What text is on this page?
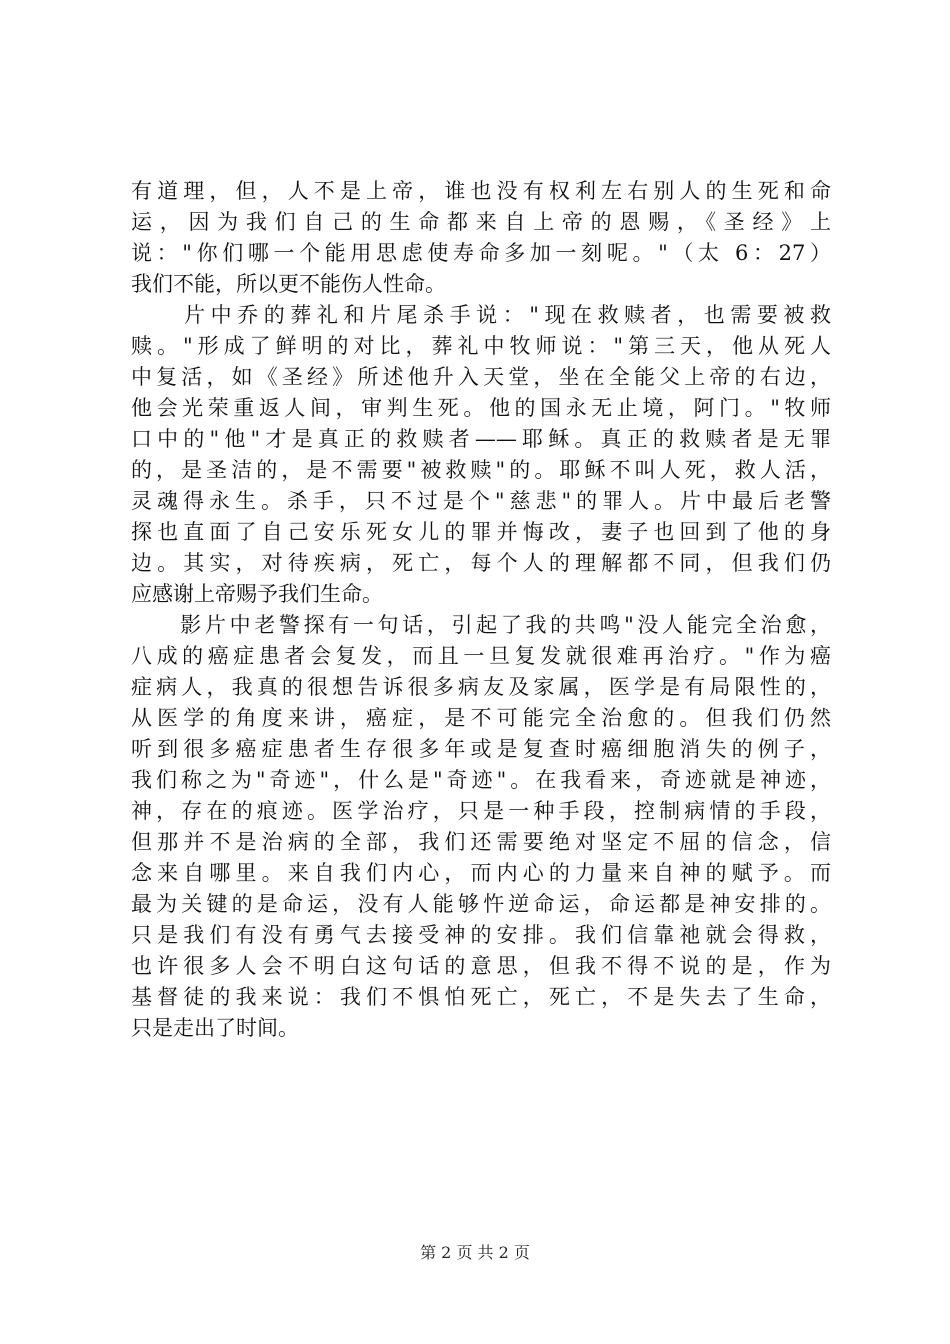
有道理，但，人不是上帝，谁也没有权利左右别人的生死和命
运，因为我们自己的生命都来自上帝的恩赐，《圣经》上
说："你们哪一个能用思虑使寿命多加一刻呢。"（太 6：27）
我们不能，所以更不能伤人性命。
　　片中乔的葬礼和片尾杀手说："现在救赎者，也需要被救
赎。"形成了鲜明的对比，葬礼中牧师说："第三天，他从死人
中复活，如《圣经》所述他升入天堂，坐在全能父上帝的右边，
他会光荣重返人间，审判生死。他的国永无止境，阿门。"牧师
口中的"他"才是真正的救赎者——耶稣。真正的救赎者是无罪
的，是圣洁的，是不需要"被救赎"的。耶稣不叫人死，救人活，
灵魂得永生。杀手，只不过是个"慈悲"的罪人。片中最后老警
探也直面了自己安乐死女儿的罪并悔改，妻子也回到了他的身
边。其实，对待疾病，死亡，每个人的理解都不同，但我们仍
应感谢上帝赐予我们生命。
　　影片中老警探有一句话，引起了我的共鸣"没人能完全治愈，
八成的癌症患者会复发，而且一旦复发就很难再治疗。"作为癌
症病人，我真的很想告诉很多病友及家属，医学是有局限性的，
从医学的角度来讲，癌症，是不可能完全治愈的。但我们仍然
听到很多癌症患者生存很多年或是复查时癌细胞消失的例子，
我们称之为"奇迹"，什么是"奇迹"。在我看来，奇迹就是神迹，
神，存在的痕迹。医学治疗，只是一种手段，控制病情的手段，
但那并不是治病的全部，我们还需要绝对坚定不屈的信念，信
念来自哪里。来自我们内心，而内心的力量来自神的赋予。而
最为关键的是命运，没有人能够忤逆命运，命运都是神安排的。
只是我们有没有勇气去接受神的安排。我们信靠祂就会得救，
也许很多人会不明白这句话的意思，但我不得不说的是，作为
基督徒的我来说：我们不惧怕死亡，死亡，不是失去了生命，
只是走出了时间。
第 2 页 共 2 页
